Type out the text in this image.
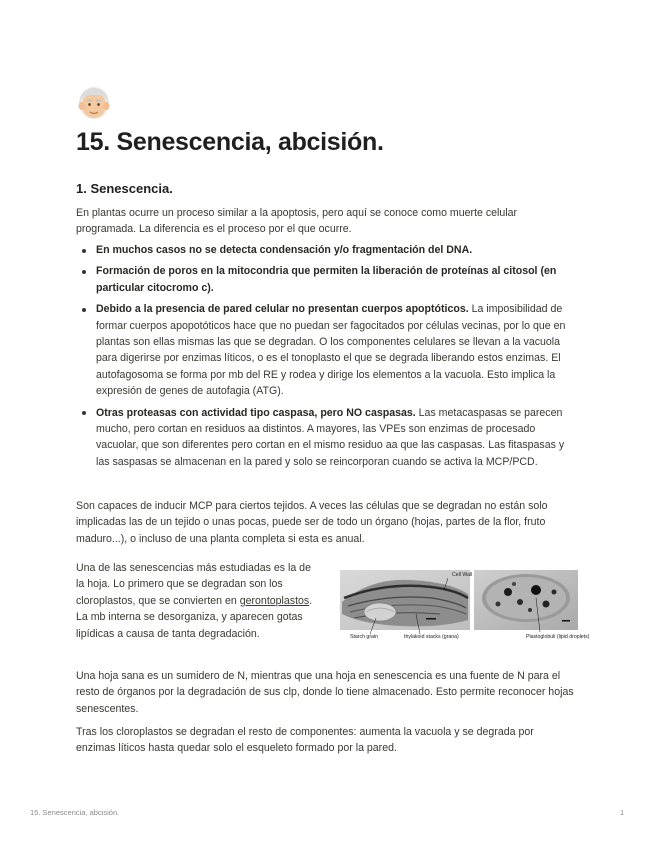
15. Senescencia, abcisión.
1. Senescencia.

En plantas ocurre un proceso similar a la apoptosis, pero aquí se conoce como muerte celular programada. La diferencia es el proceso por el que ocurre.

En muchos casos no se detecta condensación y/o fragmentación del DNA.
Formación de poros en la mitocondria que permiten la liberación de proteínas al citosol (en particular citocromo c).
Debido a la presencia de pared celular no presentan cuerpos apoptóticos. La imposibilidad de formar cuerpos apopotóticos hace que no puedan ser fagocitados por células vecinas, por lo que en plantas son ellas mismas las que se degradan. O los componentes celulares se llevan a la vacuola para digerirse por enzimas líticos, o es el tonoplasto el que se degrada liberando estos enzimas. El autofagosoma se forma por mb del RE y rodea y dirige los elementos a la vacuola. Esto implica la expresión de genes de autofagia (ATG).
Otras proteasas con actividad tipo caspasa, pero NO caspasas. Las metacaspasas se parecen mucho, pero cortan en residuos aa distintos. A mayores, las VPEs son enzimas de procesado vacuolar, que son diferentes pero cortan en el mismo residuo aa que las caspasas. Las fitaspasas y las saspasas se almacenan en la pared y solo se reincorporan cuando se activa la MCP/PCD.

Son capaces de inducir MCP para ciertos tejidos. A veces las células que se degradan no están solo implicadas las de un tejido o unas pocas, puede ser de todo un órgano (hojas, partes de la flor, fruto maduro...), o incluso de una planta completa si esta es anual.

Una de las senescencias más estudiadas es la de la hoja. Lo primero que se degradan son los cloroplastos, que se convierten en gerontoplastos. La mb interna se desorganiza, y aparecen gotas lipídicas a causa de tanta degradación.

Cell Wall
Starch grain	thylakoid stacks (grana)	Plastoglobuli (lipid droplets)

Una hoja sana es un sumidero de N, mientras que una hoja en senescencia es una fuente de N para el resto de órganos por la degradación de sus clp, donde lo tiene almacenado. Esto permite reconocer hojas senescentes.

Tras los cloroplastos se degradan el resto de componentes: aumenta la vacuola y se degrada por enzimas líticos hasta quedar solo el esqueleto formado por la pared.

15. Senescencia, abcisión.	1
